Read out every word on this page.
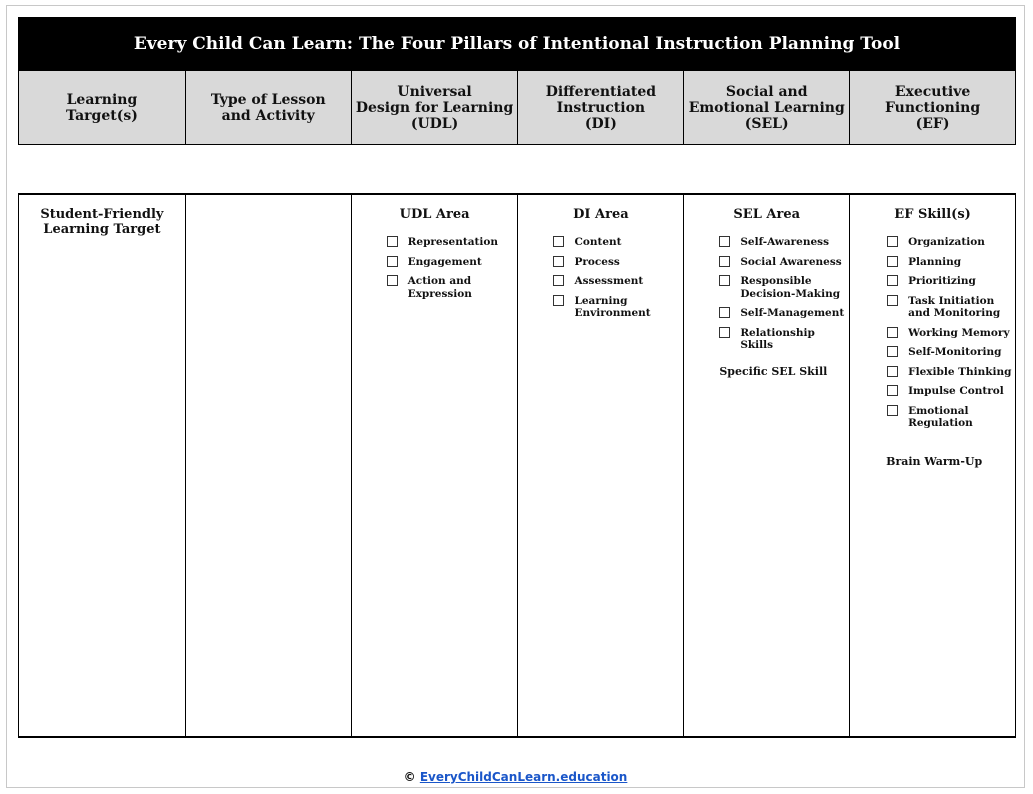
Every Child Can Learn: The Four Pillars of Intentional Instruction Planning Tool
Learning
Target(s)
Type of Lesson
and Activity
Universal
Design for Learning
(UDL)
Differentiated
Instruction
(DI)
Social and
Emotional Learning
(SEL)
Executive
Functioning
(EF)
Student-Friendly
Learning Target
UDL Area
Representation
Engagement
Action and
Expression
DI Area
Content
Process
Assessment
Learning
Environment
SEL Area
Self-Awareness
Social Awareness
Responsible
Decision-Making
Self-Management
Relationship
Skills
Specific SEL Skill
EF Skill(s)
Organization
Planning
Prioritizing
Task Initiation
and Monitoring
Working Memory
Self-Monitoring
Flexible Thinking
Impulse Control
Emotional
Regulation
Brain Warm-Up
© EveryChildCanLearn.education
